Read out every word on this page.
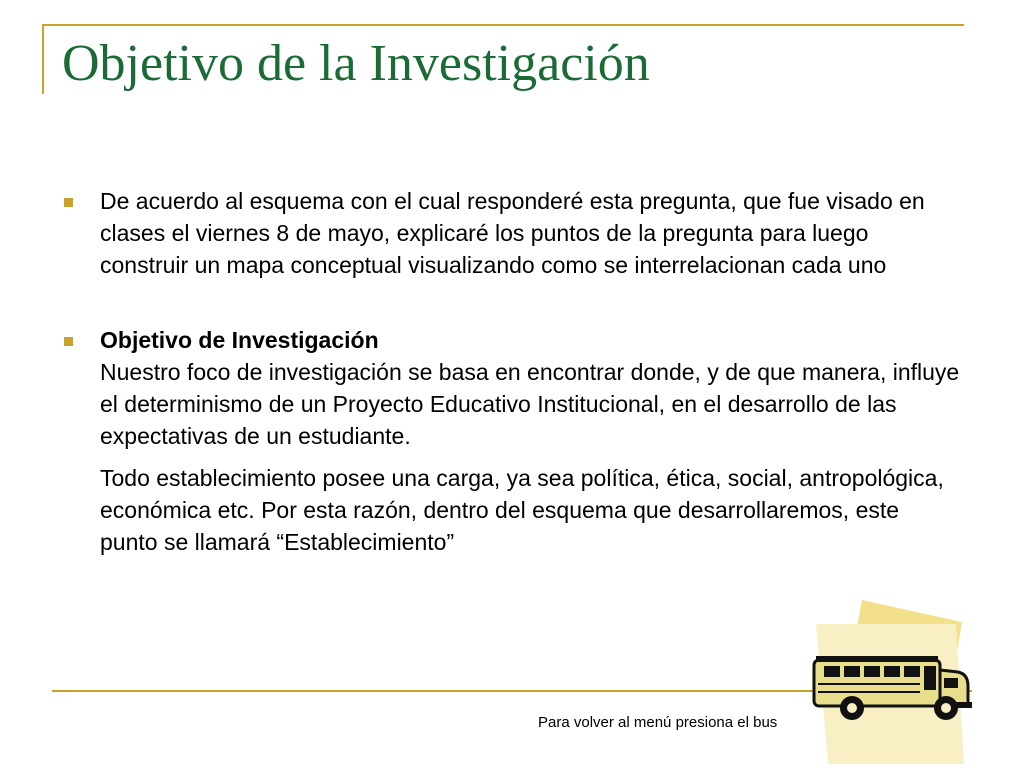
Objetivo de la Investigación

De acuerdo al esquema con el cual responderé esta pregunta, que fue visado en clases el viernes 8 de mayo, explicaré los puntos de la pregunta para luego construir un mapa conceptual visualizando como se interrelacionan cada uno

Objetivo de Investigación

Nuestro foco de investigación se basa en encontrar donde, y de que manera, influye el determinismo de un Proyecto Educativo Institucional, en el desarrollo de las expectativas de un estudiante.

Todo establecimiento posee una carga, ya sea política, ética, social, antropológica, económica etc. Por esta razón, dentro del esquema que desarrollaremos, este punto se llamará “Establecimiento”

Para volver al menú presiona el bus
